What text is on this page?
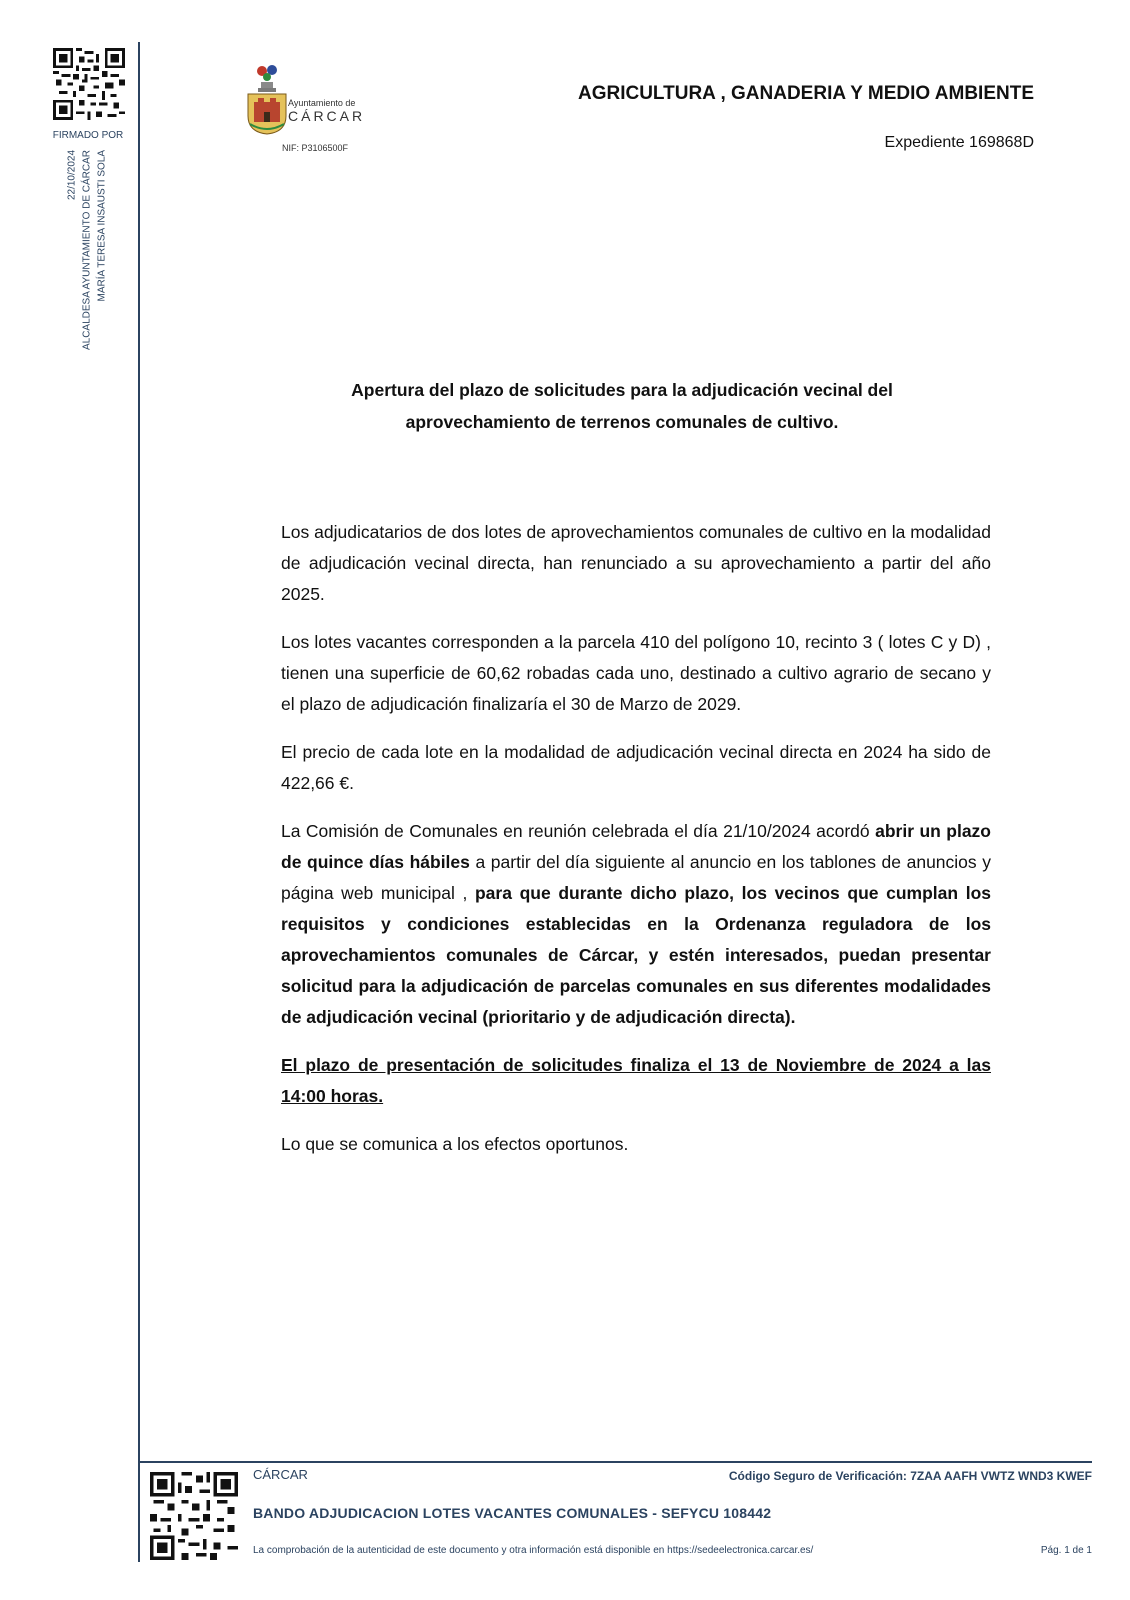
FIRMADO POR
22/10/2024 ALCALDESA AYUNTAMIENTO DE CÁRCAR MARÍA TERESA INSAUSTI SOLA
Ayuntamiento de
CÁRCAR
NIF: P3106500F
AGRICULTURA , GANADERIA Y MEDIO AMBIENTE
Expediente 169868D
Apertura del plazo de solicitudes para la adjudicación vecinal del
aprovechamiento de terrenos comunales de cultivo.

Los adjudicatarios de dos lotes de aprovechamientos comunales de cultivo en la modalidad de adjudicación vecinal directa, han renunciado a su aprovechamiento a partir del año 2025.

Los lotes vacantes corresponden a la parcela 410 del polígono 10, recinto 3 ( lotes C y D) , tienen una superficie de 60,62 robadas cada uno, destinado a cultivo agrario de secano y el plazo de adjudicación finalizaría el 30 de Marzo de 2029.

El precio de cada lote en la modalidad de adjudicación vecinal directa en 2024 ha sido de 422,66 €.

La Comisión de Comunales en reunión celebrada el día 21/10/2024 acordó abrir un plazo de quince días hábiles a partir del día siguiente al anuncio en los tablones de anuncios y página web municipal , para que durante dicho plazo, los vecinos que cumplan los requisitos y condiciones establecidas en la Ordenanza reguladora de los aprovechamientos comunales de Cárcar, y estén interesados, puedan presentar solicitud para la adjudicación de parcelas comunales en sus diferentes modalidades de adjudicación vecinal (prioritario y de adjudicación directa).

El plazo de presentación de solicitudes finaliza el 13 de Noviembre de 2024 a las 14:00 horas.

Lo que se comunica a los efectos oportunos.

CÁRCAR	Código Seguro de Verificación: 7ZAA AAFH VWTZ WND3 KWEF
BANDO ADJUDICACION LOTES VACANTES COMUNALES - SEFYCU 108442
La comprobación de la autenticidad de este documento y otra información está disponible en https://sedeelectronica.carcar.es/	Pág. 1 de 1
